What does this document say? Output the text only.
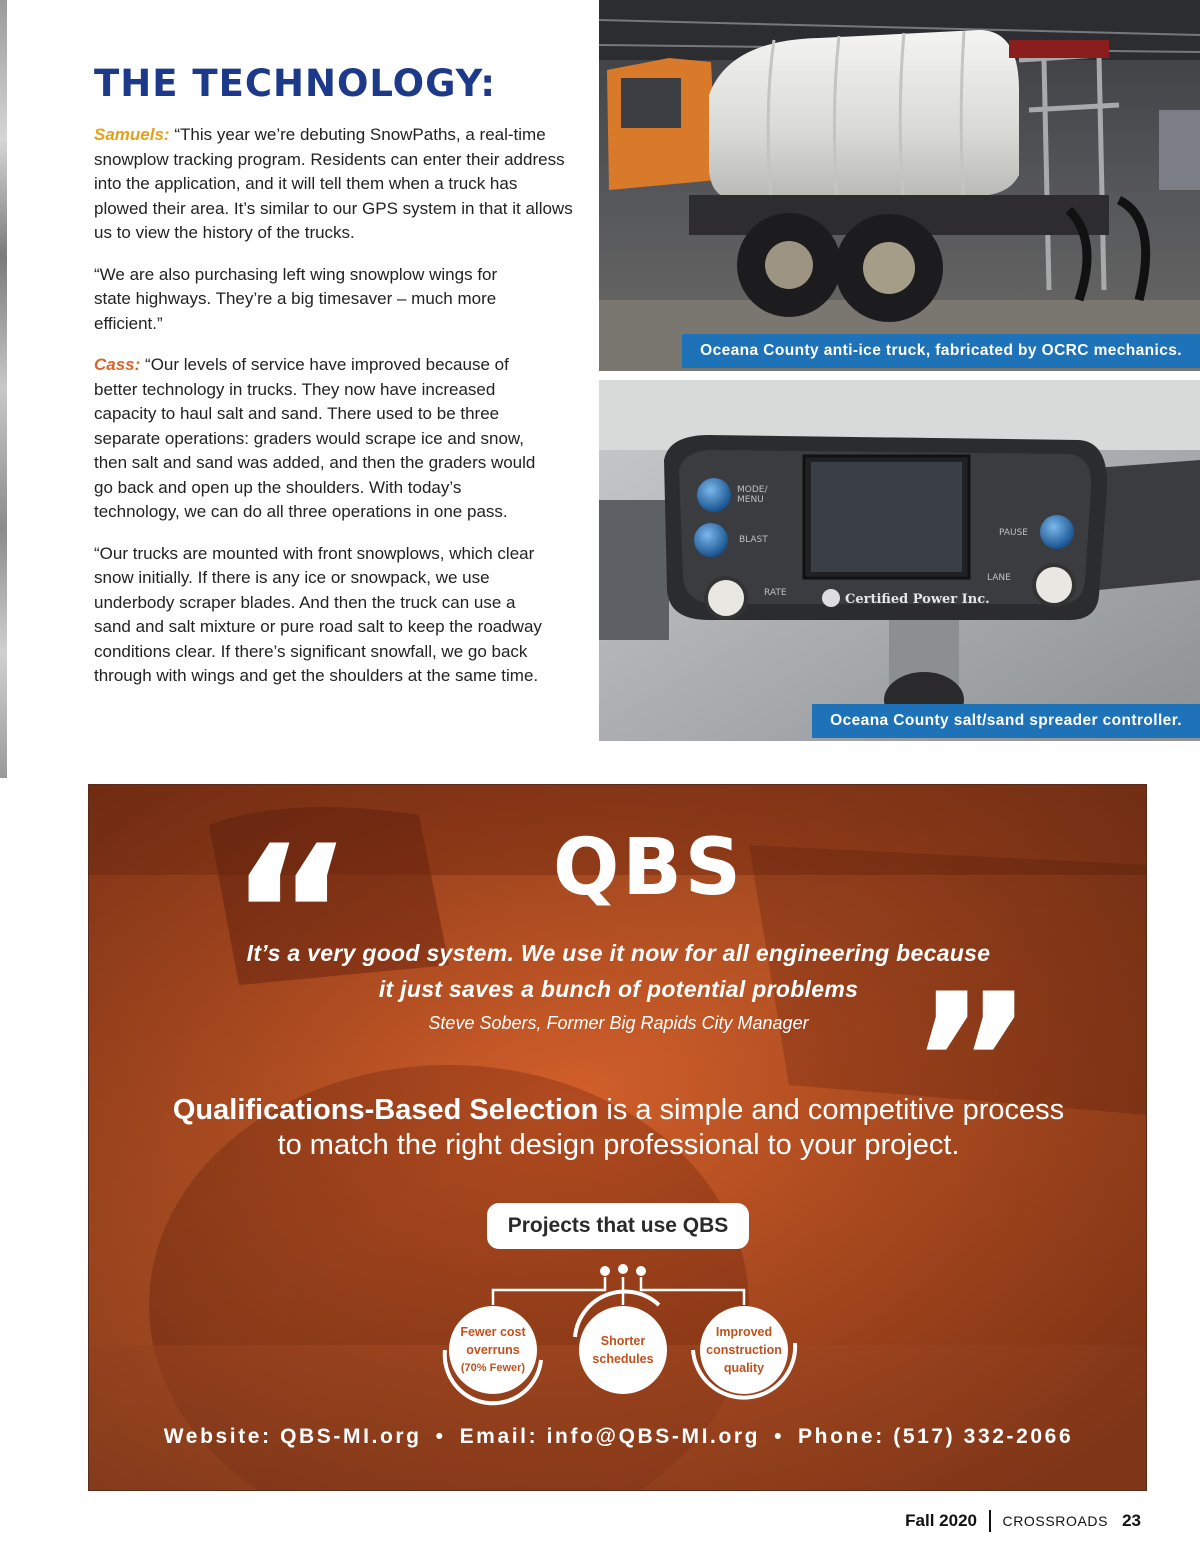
THE TECHNOLOGY:

Samuels: “This year we’re debuting SnowPaths, a real-time snowplow tracking program. Residents can enter their address into the application, and it will tell them when a truck has plowed their area. It’s similar to our GPS system in that it allows us to view the history of the trucks.

“We are also purchasing left wing snowplow wings for state highways. They’re a big timesaver – much more efficient.”

Cass: “Our levels of service have improved because of better technology in trucks. They now have increased capacity to haul salt and sand. There used to be three separate operations: graders would scrape ice and snow, then salt and sand was added, and then the graders would go back and open up the shoulders. With today’s technology, we can do all three operations in one pass.

“Our trucks are mounted with front snowplows, which clear snow initially. If there is any ice or snowpack, we use underbody scraper blades. And then the truck can use a sand and salt mixture or pure road salt to keep the roadway conditions clear. If there’s significant snowfall, we go back through with wings and get the shoulders at the same time.

Oceana County anti-ice truck, fabricated by OCRC mechanics.
MODE/
MENU
BLAST
RATE
PAUSE
LANE
Certified Power Inc.
Oceana County salt/sand spreader controller.
“
”
QBS
It’s a very good system. We use it now for all engineering because
it just saves a bunch of potential problems
Steve Sobers, Former Big Rapids City Manager
Qualifications-Based Selection is a simple and competitive process
to match the right design professional to your project.
Projects that use QBS
Fewer cost
overruns
(70% Fewer)
Shorter
schedules
Improved
construction
quality
Website: QBS-MI.org • Email: info@QBS-MI.org • Phone: (517) 332-2066
Fall 2020 CROSSROADS 23
